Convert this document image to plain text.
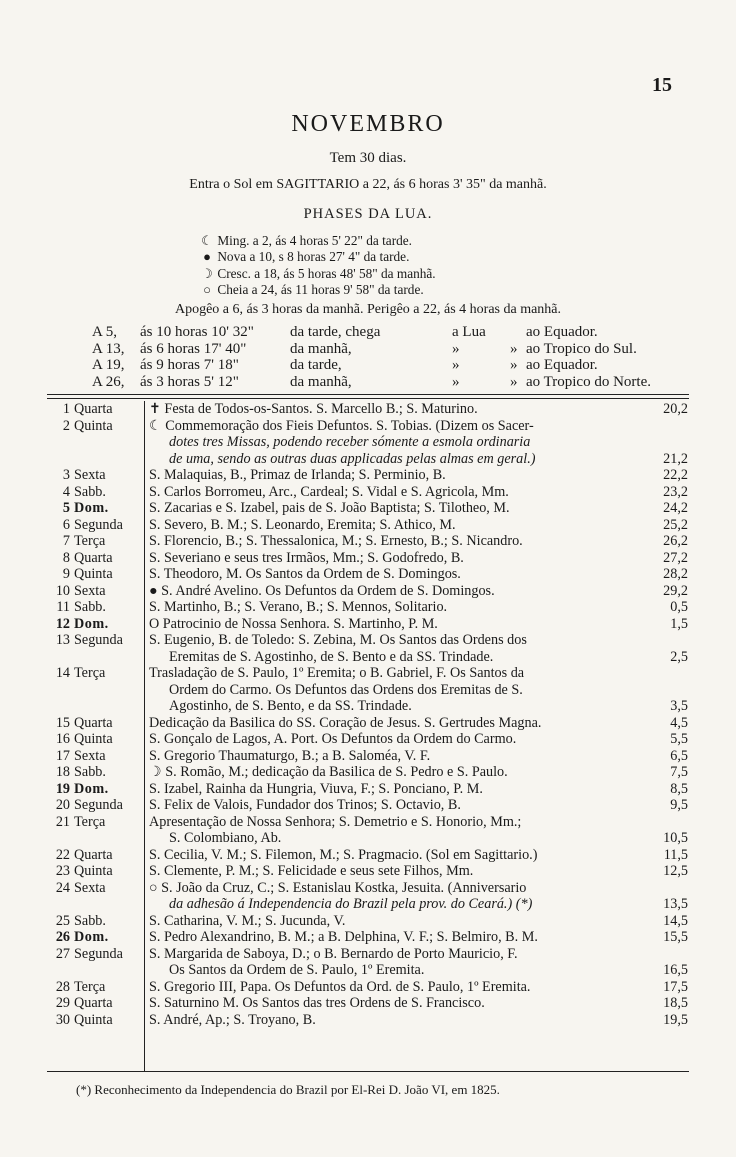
15
NOVEMBRO
Tem 30 dias.
Entra o Sol em SAGITTARIO a 22, ás 6 horas 3' 35" da manhã.
PHASES DA LUA.
☾ Ming. a 2, ás 4 horas 5' 22" da tarde.
● Nova a 10, s 8 horas 27' 4" da tarde.
☽ Cresc. a 18, ás 5 horas 48' 58" da manhã.
○ Cheia a 24, ás 11 horas 9' 58" da tarde.
Apogêo a 6, ás 3 horas da manhã. Perigêo a 22, ás 4 horas da manhã.
A 5, ás 10 horas 10' 32" da tarde, chega	a Lua	ao Equador.
A 13, ás 6 horas 17' 40"	da manhã,	»	» ao Tropico do Sul.
A 19, ás 9 horas 7' 18"	da tarde,	»	» ao Equador.
A 26, ás 3 horas 5' 12"	da manhã,	»	» ao Tropico do Norte.
1 Quarta	✝ Festa de Todos-os-Santos. S. Marcello B.; S. Maturino.	20,2
2 Quinta	☾ Commemoração dos Fieis Defuntos. S. Tobias. (Dizem os Sacer-
dotes tres Missas, podendo receber sómente a esmola ordinaria
de uma, sendo as outras duas applicadas pelas almas em geral.)	21,2
3 Sexta	S. Malaquias, B., Primaz de Irlanda; S. Perminio, B.	22,2
4 Sabb.	S. Carlos Borromeu, Arc., Cardeal; S. Vidal e S. Agricola, Mm.	23,2
5 Dom.	S. Zacarias e S. Izabel, pais de S. João Baptista; S. Tilotheo, M.	24,2
6 Segunda	S. Severo, B. M.; S. Leonardo, Eremita; S. Athico, M.	25,2
7 Terça	S. Florencio, B.; S. Thessalonica, M.; S. Ernesto, B.; S. Nicandro.	26,2
8 Quarta	S. Severiano e seus tres Irmãos, Mm.; S. Godofredo, B.	27,2
9 Quinta	S. Theodoro, M. Os Santos da Ordem de S. Domingos.	28,2
10 Sexta	● S. André Avelino. Os Defuntos da Ordem de S. Domingos.	29,2
11 Sabb.	S. Martinho, B.; S. Verano, B.; S. Mennos, Solitario.	0,5
12 Dom.	O Patrocinio de Nossa Senhora. S. Martinho, P. M.	1,5
13 Segunda	S. Eugenio, B. de Toledo: S. Zebina, M. Os Santos das Ordens dos
Eremitas de S. Agostinho, de S. Bento e da SS. Trindade.	2,5
14 Terça	Trasladação de S. Paulo, 1º Eremita; o B. Gabriel, F. Os Santos da
Ordem do Carmo. Os Defuntos das Ordens dos Eremitas de S.
Agostinho, de S. Bento, e da SS. Trindade.	3,5
15 Quarta	Dedicação da Basilica do SS. Coração de Jesus. S. Gertrudes Magna.	4,5
16 Quinta	S. Gonçalo de Lagos, A. Port. Os Defuntos da Ordem do Carmo.	5,5
17 Sexta	S. Gregorio Thaumaturgo, B.; a B. Saloméa, V. F.	6,5
18 Sabb.	☽ S. Romão, M.; dedicação da Basilica de S. Pedro e S. Paulo.	7,5
19 Dom.	S. Izabel, Rainha da Hungria, Viuva, F.; S. Ponciano, P. M.	8,5
20 Segunda	S. Felix de Valois, Fundador dos Trinos; S. Octavio, B.	9,5
21 Terça	Apresentação de Nossa Senhora; S. Demetrio e S. Honorio, Mm.;
S. Colombiano, Ab.	10,5
22 Quarta	S. Cecilia, V. M.; S. Filemon, M.; S. Pragmacio. (Sol em Sagittario.)	11,5
23 Quinta	S. Clemente, P. M.; S. Felicidade e seus sete Filhos, Mm.	12,5
24 Sexta	○ S. João da Cruz, C.; S. Estanislau Kostka, Jesuita. (Anniversario
da adhesão á Independencia do Brazil pela prov. do Ceará.) (*)	13,5
25 Sabb.	S. Catharina, V. M.; S. Jucunda, V.	14,5
26 Dom.	S. Pedro Alexandrino, B. M.; a B. Delphina, V. F.; S. Belmiro, B. M.	15,5
27 Segunda	S. Margarida de Saboya, D.; o B. Bernardo de Porto Mauricio, F.
Os Santos da Ordem de S. Paulo, 1º Eremita.	16,5
28 Terça	S. Gregorio III, Papa. Os Defuntos da Ord. de S. Paulo, 1º Eremita.	17,5
29 Quarta	S. Saturnino M. Os Santos das tres Ordens de S. Francisco.	18,5
30 Quinta	S. André, Ap.; S. Troyano, B.	19,5
(*) Reconhecimento da Independencia do Brazil por El-Rei D. João VI, em 1825.
